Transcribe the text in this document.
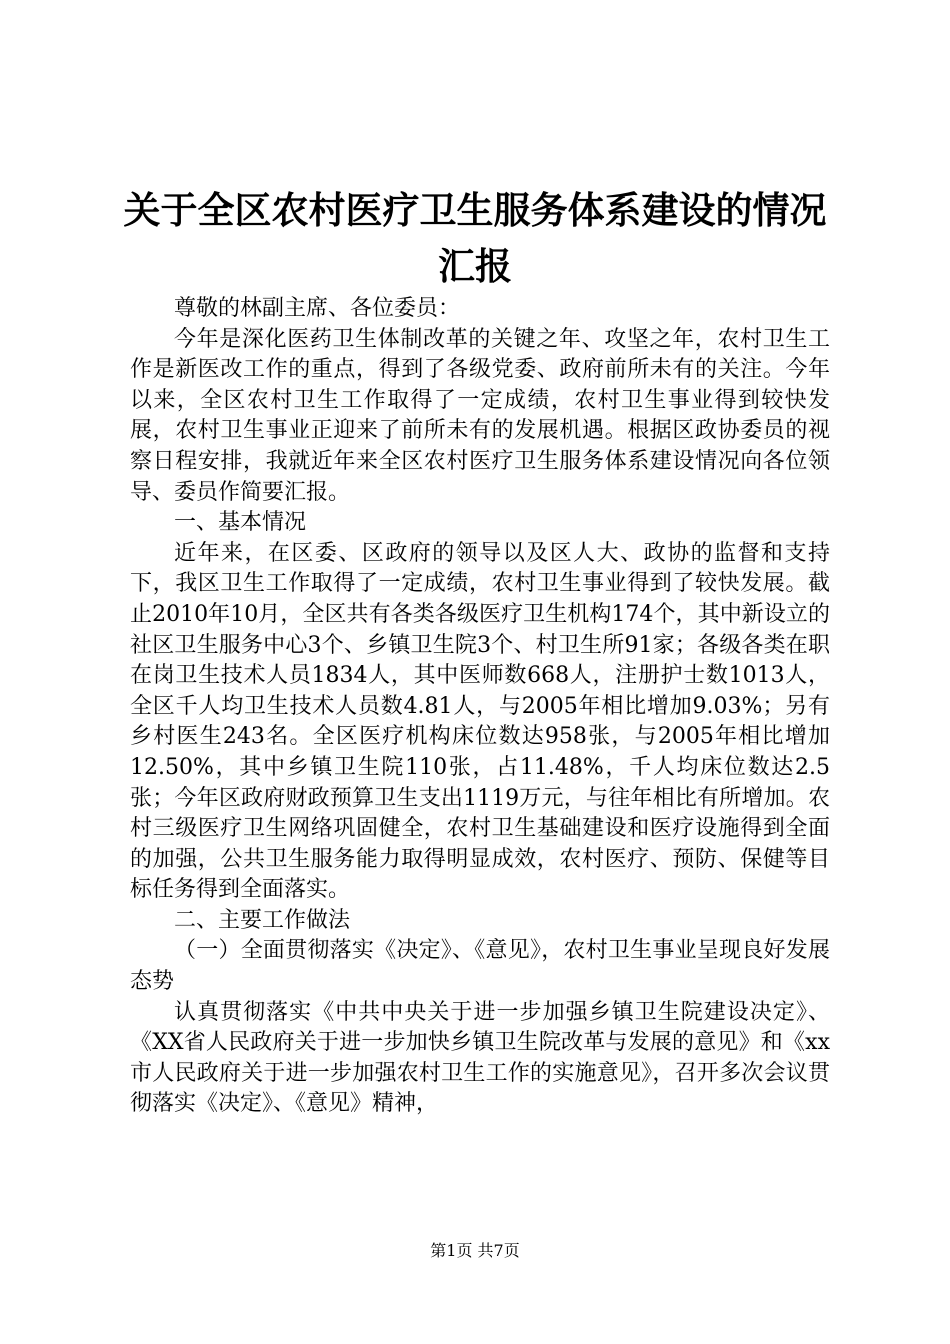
关于全区农村医疗卫生服务体系建设的情况汇报

尊敬的林副主席、各位委员：

今年是深化医药卫生体制改革的关键之年、攻坚之年，农村卫生工作是新医改工作的重点，得到了各级党委、政府前所未有的关注。今年以来，全区农村卫生工作取得了一定成绩，农村卫生事业得到较快发展，农村卫生事业正迎来了前所未有的发展机遇。根据区政协委员的视察日程安排，我就近年来全区农村医疗卫生服务体系建设情况向各位领导、委员作简要汇报。

一、基本情况

近年来，在区委、区政府的领导以及区人大、政协的监督和支持下，我区卫生工作取得了一定成绩，农村卫生事业得到了较快发展。截止2010年10月，全区共有各类各级医疗卫生机构174个，其中新设立的社区卫生服务中心3个、乡镇卫生院3个、村卫生所91家；各级各类在职在岗卫生技术人员1834人，其中医师数668人，注册护士数1013人，全区千人均卫生技术人员数4.81人，与2005年相比增加9.03%；另有乡村医生243名。全区医疗机构床位数达958张，与2005年相比增加12.50%，其中乡镇卫生院110张，占11.48%，千人均床位数达2.5张；今年区政府财政预算卫生支出1119万元，与往年相比有所增加。农村三级医疗卫生网络巩固健全，农村卫生基础建设和医疗设施得到全面的加强，公共卫生服务能力取得明显成效，农村医疗、预防、保健等目标任务得到全面落实。

二、主要工作做法

（一）全面贯彻落实《决定》、《意见》，农村卫生事业呈现良好发展态势

认真贯彻落实《中共中央关于进一步加强乡镇卫生院建设决定》、《XX省人民政府关于进一步加快乡镇卫生院改革与发展的意见》和《xx市人民政府关于进一步加强农村卫生工作的实施意见》，召开多次会议贯彻落实《决定》、《意见》精神，

第1页 共7页
